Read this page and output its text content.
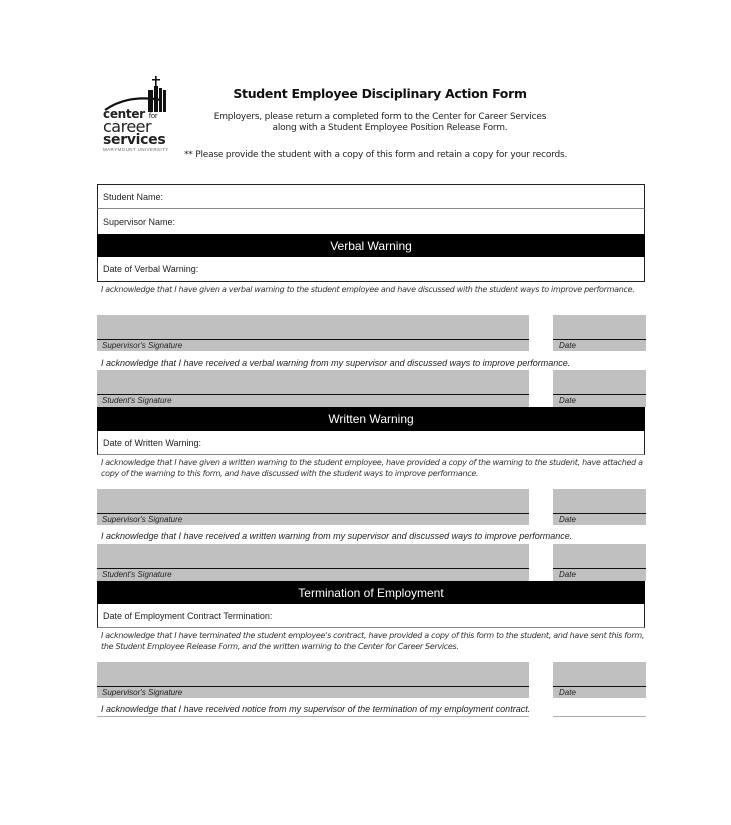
center for
career
services
MARYMOUNT UNIVERSITY
Student Employee Disciplinary Action Form
Employers, please return a completed form to the Center for Career Services
along with a Student Employee Position Release Form.
** Please provide the student with a copy of this form and retain a copy for your records.
Student Name:
Supervisor Name:
Verbal Warning
Date of Verbal Warning:
I acknowledge that I have given a verbal warning to the student employee and have discussed with the student ways to improve performance.
Supervisor's Signature	Date
I acknowledge that I have received a verbal warning from my supervisor and discussed ways to improve performance.
Student's Signature	Date
Written Warning
Date of Written Warning:
I acknowledge that I have given a written warning to the student employee, have provided a copy of the warning to the student, have attached a copy of the warning to this form, and have discussed with the student ways to improve performance.
Supervisor's Signature	Date
I acknowledge that I have received a written warning from my supervisor and discussed ways to improve performance.
Student's Signature	Date
Termination of Employment
Date of Employment Contract Termination:
I acknowledge that I have terminated the student employee's contract, have provided a copy of this form to the student, and have sent this form, the Student Employee Release Form, and the written warning to the Center for Career Services.
Supervisor's Signature	Date
I acknowledge that I have received notice from my supervisor of the termination of my employment contract.
